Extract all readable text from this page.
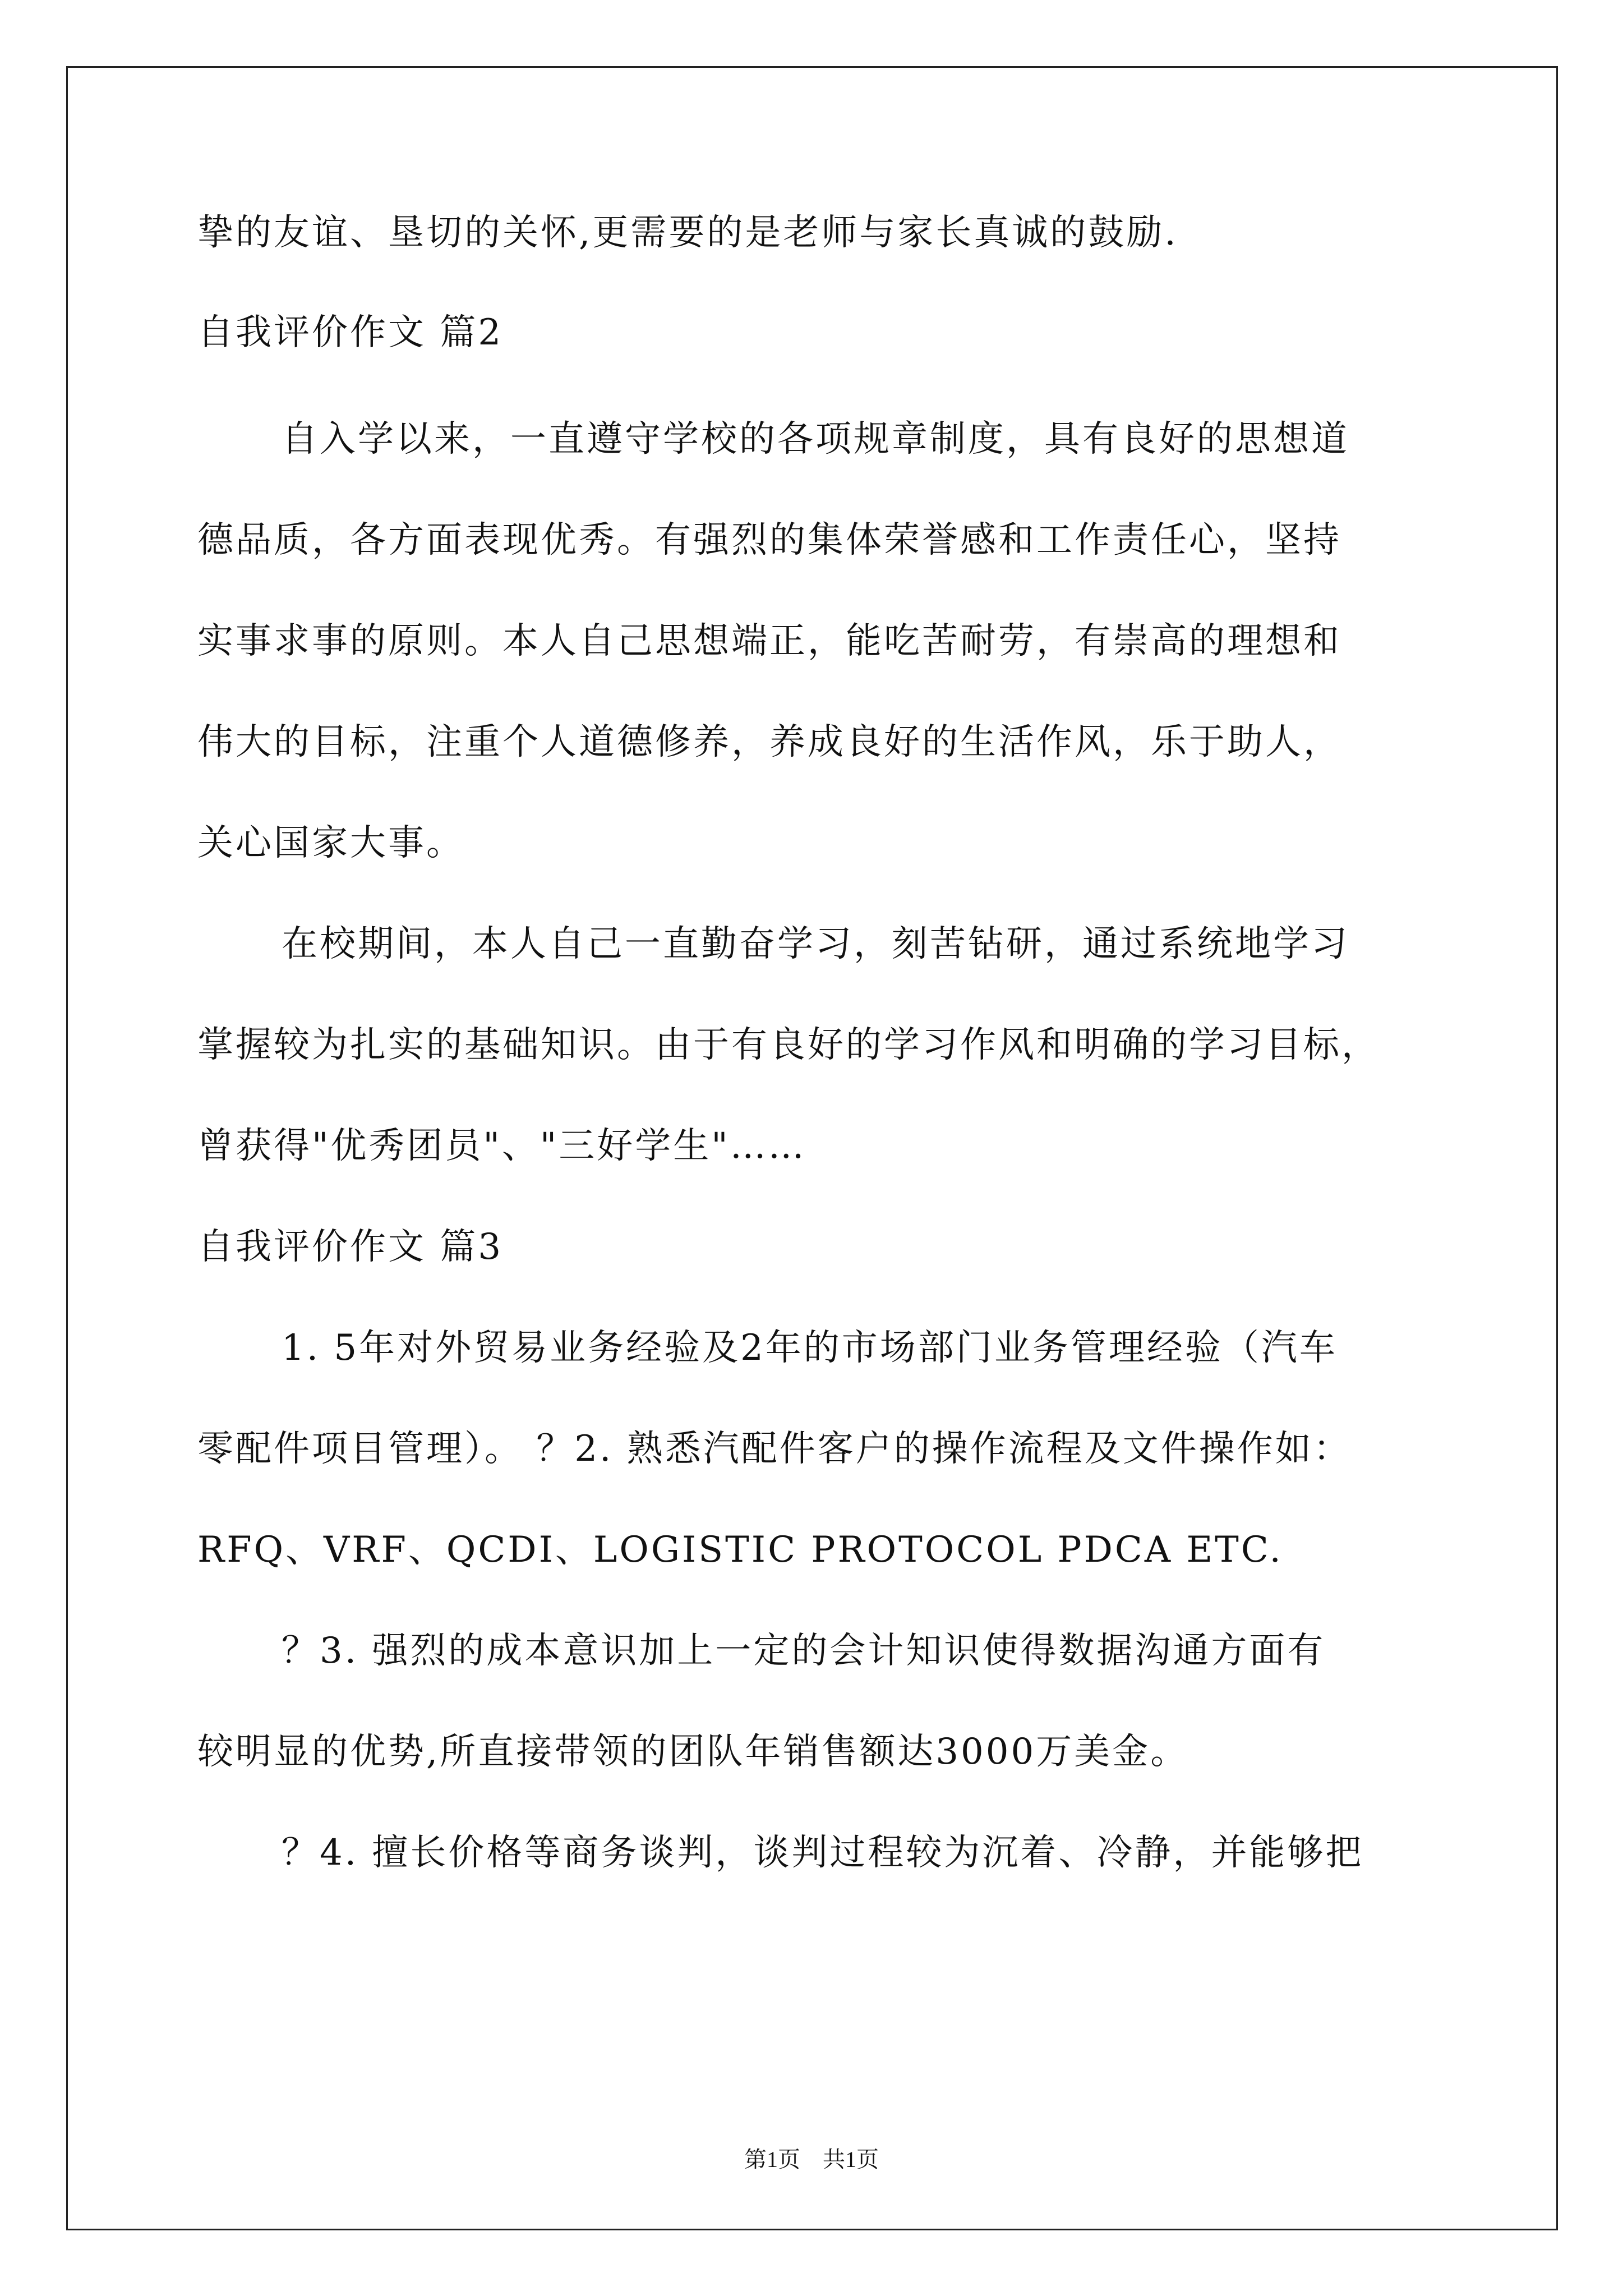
挚的友谊、垦切的关怀,更需要的是老师与家长真诚的鼓励.
自我评价作文 篇2
自入学以来，一直遵守学校的各项规章制度，具有良好的思想道
德品质，各方面表现优秀。有强烈的集体荣誉感和工作责任心，坚持
实事求事的原则。本人自己思想端正，能吃苦耐劳，有崇高的理想和
伟大的目标，注重个人道德修养，养成良好的生活作风，乐于助人，
关心国家大事。
在校期间，本人自己一直勤奋学习，刻苦钻研，通过系统地学习
掌握较为扎实的基础知识。由于有良好的学习作风和明确的学习目标，
曾获得"优秀团员"、"三好学生"……
自我评价作文 篇3
1. 5年对外贸易业务经验及2年的市场部门业务管理经验（汽车
零配件项目管理）。 ？2. 熟悉汽配件客户的操作流程及文件操作如：
RFQ、VRF、QCDI、LOGISTIC PROTOCOL PDCA ETC.
？3. 强烈的成本意识加上一定的会计知识使得数据沟通方面有
较明显的优势,所直接带领的团队年销售额达3000万美金。
？4. 擅长价格等商务谈判，谈判过程较为沉着、冷静，并能够把
第1页　共1页
